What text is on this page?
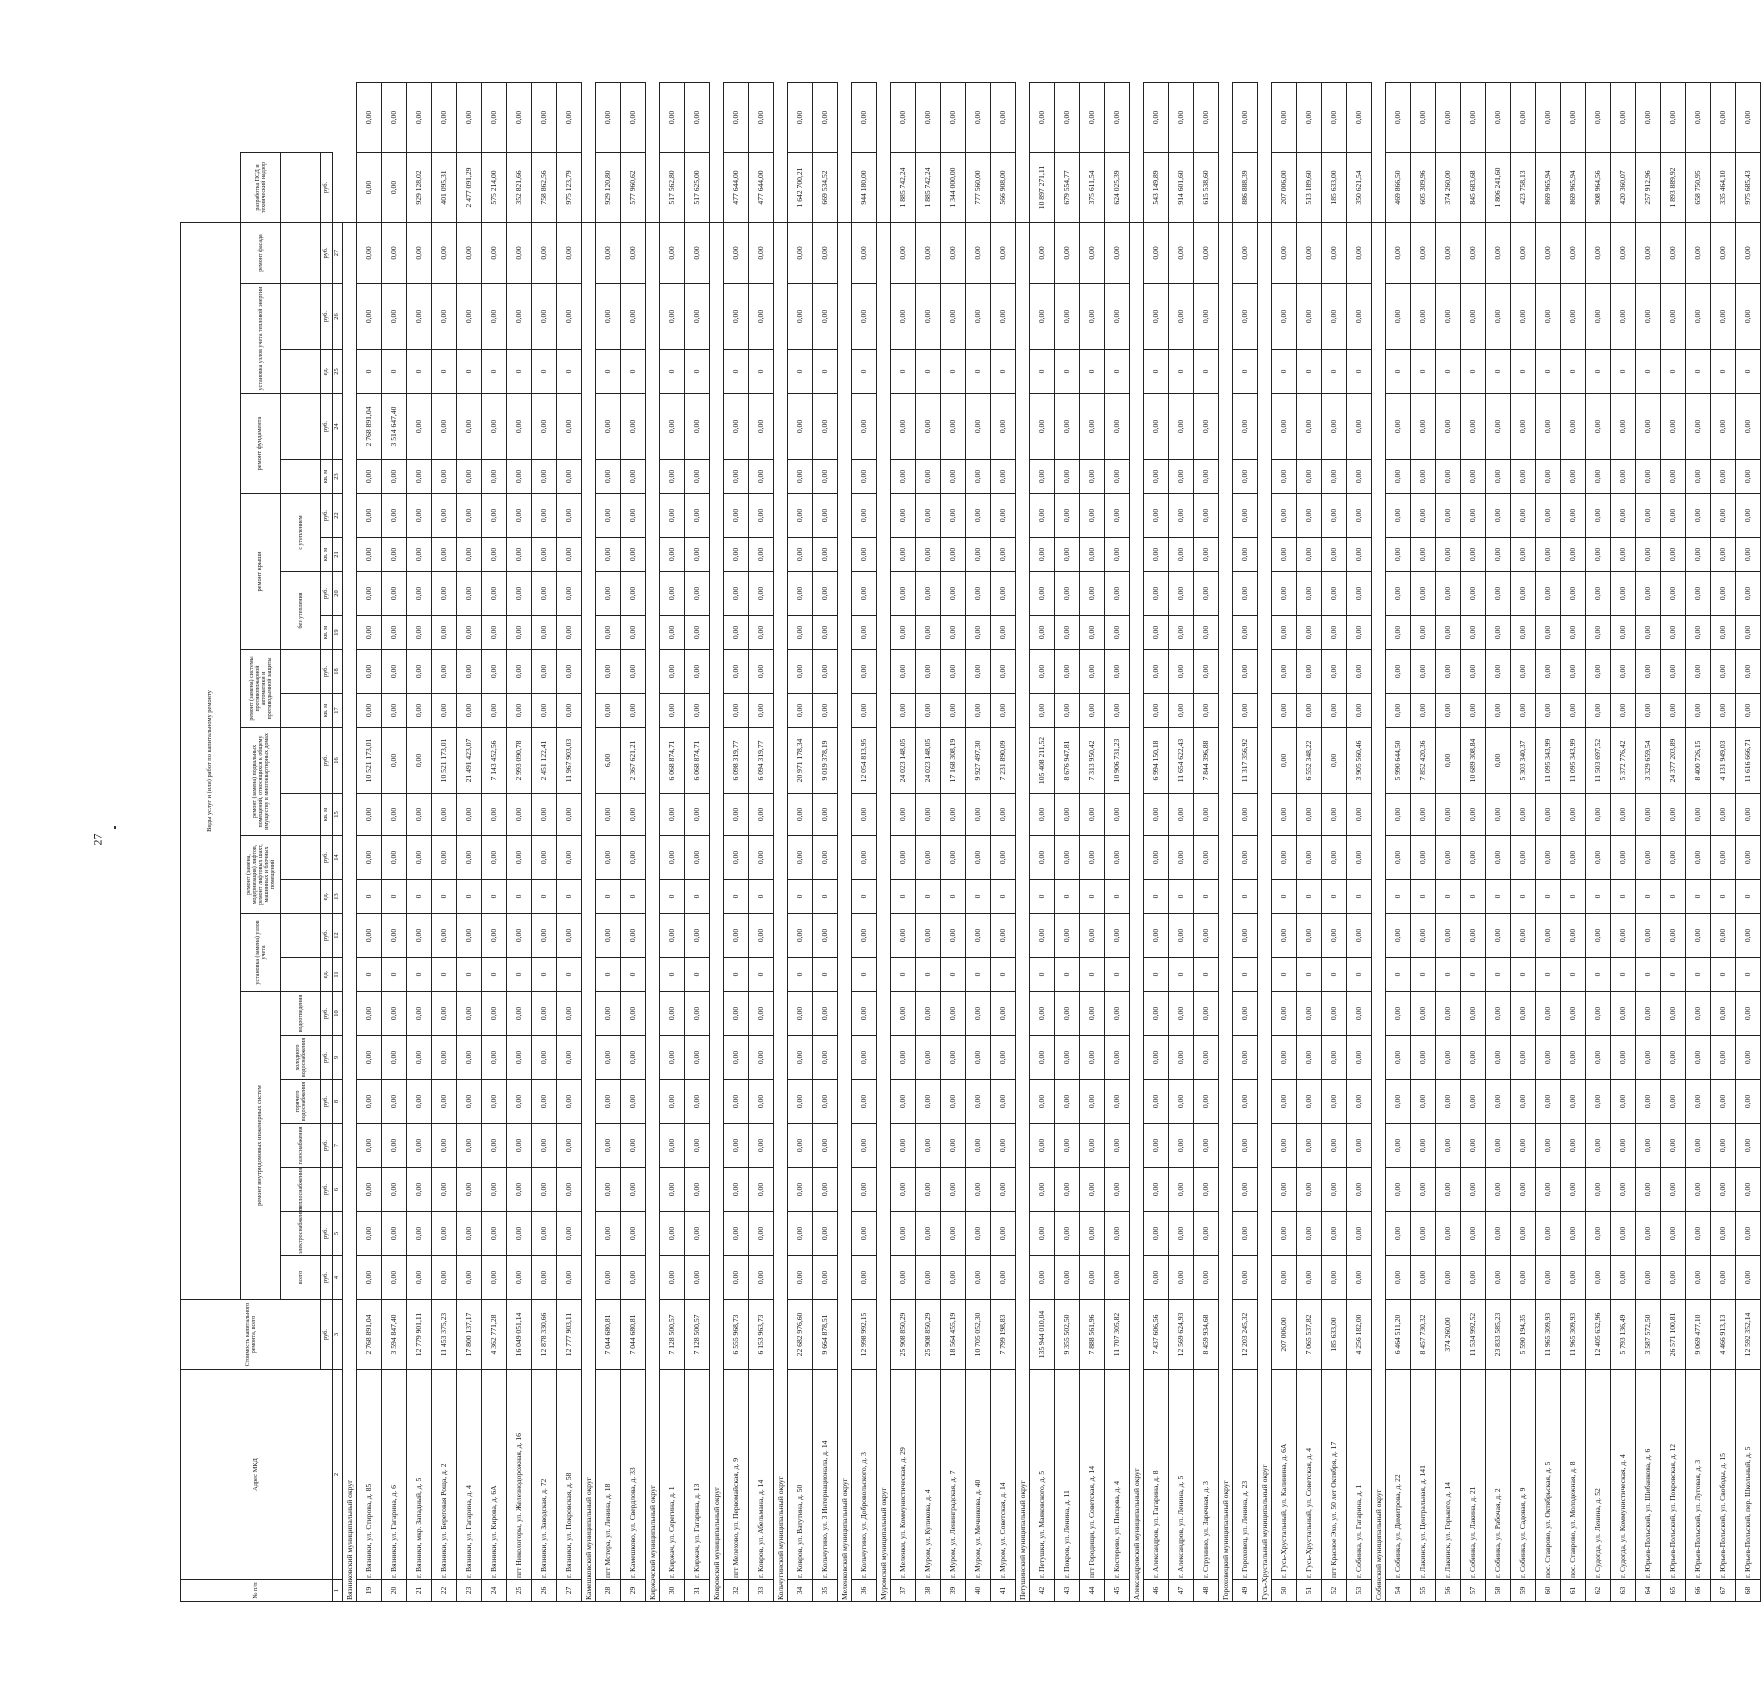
27
№ п/п	Адрес МКД	Стоимость капитального ремонта, всего	Виды услуг и (или) работ по капитальному ремонту																									
			ремонт внутридомовых инженерных систем							установка (замена) узлов учета		ремонт (замена, модернизация) лифтов, ремонт лифтовых шахт, машинных и блочных помещений		ремонт (замена) подвальных помещений, относящихся к общему имуществу в многоквартирных домах		ремонт (замена) системы противопожарной автоматики и противодымной защиты		ремонт крыши				ремонт фундамента		установка узлов учета тепловой энергии		ремонт фасада	разработка ПСД и технический надзор	
			всего	электроснабжения	теплоснабжения	газоснабжения	горячего водоснабжения	холодного водоснабжения	водоотведения									без утепления		с утеплением								
		руб.	руб.	руб.	руб.	руб.	руб.	руб.	руб.	ед.	руб.	ед.	руб.	кв. м	руб.	кв. м	руб.	кв. м	руб.	кв. м	руб.	кв. м	руб.	ед.	руб.	руб.	руб.	
1	2	3	4	5	6	7	8	9	10	11	12	13	14	15	16	17	18	19	20	21	22	23	24	25	26	27		
Вязниковский муниципальный округ																												
19	г. Вязники, ул. Стирова, д. 85	2 768 891,04	0,00	0,00	0,00	0,00	0,00	0,00	0,00	0	0,00	0	0,00	0,00	10 521 173,01	0,00	0,00	0,00	0,00	0,00	0,00	0,00	2 768 891,04	0	0,00	0,00	0,00	0,00
20	г. Вязники, ул. Гагарина, д. 6	3 594 847,40	0,00	0,00	0,00	0,00	0,00	0,00	0,00	0	0,00	0	0,00	0,00	0,00	0,00	0,00	0,00	0,00	0,00	0,00	0,00	3 514 647,40	0	0,00	0,00	0,00	0,00
21	г. Вязники, мкр. Западный, д. 5	12 779 901,11	0,00	0,00	0,00	0,00	0,00	0,00	0,00	0	0,00	0	0,00	0,00	0,00	0,00	0,00	0,00	0,00	0,00	0,00	0,00	0,00	0	0,00	0,00	929 128,02	0,00
22	г. Вязники, ул. Береговая Роща, д. 2	11 453 375,23	0,00	0,00	0,00	0,00	0,00	0,00	0,00	0	0,00	0	0,00	0,00	10 521 173,01	0,00	0,00	0,00	0,00	0,00	0,00	0,00	0,00	0	0,00	0,00	401 095,31	0,00
23	г. Вязники, ул. Гагарина, д. 4	17 800 137,17	0,00	0,00	0,00	0,00	0,00	0,00	0,00	0	0,00	0	0,00	0,00	21 491 423,07	0,00	0,00	0,00	0,00	0,00	0,00	0,00	0,00	0	0,00	0,00	2 477 091,29	0,00
24	г. Вязники, ул. Кирова, д. 6А	4 362 771,28	0,00	0,00	0,00	0,00	0,00	0,00	0,00	0	0,00	0	0,00	0,00	7 143 452,56	0,00	0,00	0,00	0,00	0,00	0,00	0,00	0,00	0	0,00	0,00	575 214,00	0,00
25	пгт Никологоры, ул. Железнодорожная, д. 16	16 049 051,14	0,00	0,00	0,00	0,00	0,00	0,00	0,00	0	0,00	0	0,00	0,00	2 993 090,78	0,00	0,00	0,00	0,00	0,00	0,00	0,00	0,00	0	0,00	0,00	352 821,66	0,00
26	г. Вязники, ул. Заводская, д. 72	12 878 330,66	0,00	0,00	0,00	0,00	0,00	0,00	0,00	0	0,00	0	0,00	0,00	2 451 122,41	0,00	0,00	0,00	0,00	0,00	0,00	0,00	0,00	0	0,00	0,00	758 862,56	0,00
27	г. Вязники, ул. Покровская, д. 58	12 777 903,11	0,00	0,00	0,00	0,00	0,00	0,00	0,00	0	0,00	0	0,00	0,00	11 967 903,03	0,00	0,00	0,00	0,00	0,00	0,00	0,00	0,00	0	0,00	0,00	975 123,79	0,00
Камешковский муниципальный округ																												
28	пгт Мстера, ул. Ленина, д. 18	7 044 680,81	0,00	0,00	0,00	0,00	0,00	0,00	0,00	0	0,00	0	0,00	0,00	6,00	0,00	0,00	0,00	0,00	0,00	0,00	0,00	0,00	0	0,00	0,00	929 120,80	0,00
29	г. Камешково, ул. Свердлова, д. 33	7 044 680,81	0,00	0,00	0,00	0,00	0,00	0,00	0,00	0	0,00	0	0,00	0,00	2 367 621,21	0,00	0,00	0,00	0,00	0,00	0,00	0,00	0,00	0	0,00	0,00	577 960,62	0,00
Киржачский муниципальный округ																												
30	г. Киржач, ул. Серегина, д. 1	7 128 500,57	0,00	0,00	0,00	0,00	0,00	0,00	0,00	0	0,00	0	0,00	0,00	6 068 874,71	0,00	0,00	0,00	0,00	0,00	0,00	0,00	0,00	0	0,00	0,00	517 562,80	0,00
31	г. Киржач, ул. Гагарина, д. 13	7 128 500,57	0,00	0,00	0,00	0,00	0,00	0,00	0,00	0	0,00	0	0,00	0,00	6 068 874,71	0,00	0,00	0,00	0,00	0,00	0,00	0,00	0,00	0	0,00	0,00	517 625,00	0,00
Ковровский муниципальный округ																												
32	пгт Мелехово, ул. Первомайская, д. 9	6 555 968,73	0,00	0,00	0,00	0,00	0,00	0,00	0,00	0	0,00	0	0,00	0,00	6 098 319,77	0,00	0,00	0,00	0,00	0,00	0,00	0,00	0,00	0	0,00	0,00	477 644,00	0,00
33	г. Ковров, ул. Абельмана, д. 14	6 153 963,73	0,00	0,00	0,00	0,00	0,00	0,00	0,00	0	0,00	0	0,00	0,00	6 094 319,77	0,00	0,00	0,00	0,00	0,00	0,00	0,00	0,00	0	0,00	0,00	477 644,00	0,00
Кольчугинский муниципальный округ																												
34	г. Ковров, ул. Ватутина, д. 50	22 682 976,60	0,00	0,00	0,00	0,00	0,00	0,00	0,00	0	0,00	0	0,00	0,00	20 971 178,34	0,00	0,00	0,00	0,00	0,00	0,00	0,00	0,00	0	0,00	0,00	1 642 700,21	0,00
35	г. Кольчугино, ул. 3 Интернационала, д. 14	9 664 878,51	0,00	0,00	0,00	0,00	0,00	0,00	0,00	0	0,00	0	0,00	0,00	9 019 378,19	0,00	0,00	0,00	0,00	0,00	0,00	0,00	0,00	0	0,00	0,00	669 534,52	0,00
Меленковский муниципальный округ																												
36	г. Кольчугино, ул. Добровольского, д. 3	12 998 992,15	0,00	0,00	0,00	0,00	0,00	0,00	0,00	0	0,00	0	0,00	0,00	12 054 813,95	0,00	0,00	0,00	0,00	0,00	0,00	0,00	0,00	0	0,00	0,00	944 180,00	0,00
Муромский муниципальный округ																												
37	г. Меленки, ул. Коммунистическая, д. 29	25 908 850,29	0,00	0,00	0,00	0,00	0,00	0,00	0,00	0	0,00	0	0,00	0,00	24 023 148,05	0,00	0,00	0,00	0,00	0,00	0,00	0,00	0,00	0	0,00	0,00	1 885 742,24	0,00
38	г. Муром, ул. Куликова, д. 4	25 908 850,29	0,00	0,00	0,00	0,00	0,00	0,00	0,00	0	0,00	0	0,00	0,00	24 023 148,05	0,00	0,00	0,00	0,00	0,00	0,00	0,00	0,00	0	0,00	0,00	1 885 742,24	0,00
39	г. Муром, ул. Ленинградская, д. 7	18 564 455,19	0,00	0,00	0,00	0,00	0,00	0,00	0,00	0	0,00	0	0,00	0,00	17 168 308,19	0,00	0,00	0,00	0,00	0,00	0,00	0,00	0,00	0	0,00	0,00	1 344 000,00	0,00
40	г. Муром, ул. Мечникова, д. 40	10 705 052,30	0,00	0,00	0,00	0,00	0,00	0,00	0,00	0	0,00	0	0,00	0,00	9 927 497,30	0,00	0,00	0,00	0,00	0,00	0,00	0,00	0,00	0	0,00	0,00	777 560,00	0,00
41	г. Муром, ул. Советская, д. 14	7 799 198,83	0,00	0,00	0,00	0,00	0,00	0,00	0,00	0	0,00	0	0,00	0,00	7 231 890,09	0,00	0,00	0,00	0,00	0,00	0,00	0,00	0,00	0	0,00	0,00	566 908,00	0,00
Петушинский муниципальный округ																												
42	г. Петушки, ул. Маяковского, д. 5	135 944 010,04	0,00	0,00	0,00	0,00	0,00	0,00	0,00	0	0,00	0	0,00	0,00	105 408 211,52	0,00	0,00	0,00	0,00	0,00	0,00	0,00	0,00	0	0,00	0,00	10 897 271,11	0,00
43	г. Покров, ул. Ленина, д. 11	9 355 502,50	0,00	0,00	0,00	0,00	0,00	0,00	0,00	0	0,00	0	0,00	0,00	8 676 947,81	0,00	0,00	0,00	0,00	0,00	0,00	0,00	0,00	0	0,00	0,00	679 554,77	0,00
44	пгт Городищи, ул. Советская, д. 14	7 888 561,96	0,00	0,00	0,00	0,00	0,00	0,00	0,00	0	0,00	0	0,00	0,00	7 313 950,42	0,00	0,00	0,00	0,00	0,00	0,00	0,00	0,00	0	0,00	0,00	375 611,54	0,00
45	г. Костерево, ул. Писцова, д. 4	11 707 305,82	0,00	0,00	0,00	0,00	0,00	0,00	0,00	0	0,00	0	0,00	0,00	10 906 731,23	0,00	0,00	0,00	0,00	0,00	0,00	0,00	0,00	0	0,00	0,00	624 025,39	0,00
Александровский муниципальный округ																												
46	г. Александров, ул. Гагарина, д. 8	7 437 606,56	0,00	0,00	0,00	0,00	0,00	0,00	0,00	0	0,00	0	0,00	0,00	6 994 150,18	0,00	0,00	0,00	0,00	0,00	0,00	0,00	0,00	0	0,00	0,00	543 149,89	0,00
47	г. Александров, ул. Ленина, д. 5	12 569 624,93	0,00	0,00	0,00	0,00	0,00	0,00	0,00	0	0,00	0	0,00	0,00	11 654 622,43	0,00	0,00	0,00	0,00	0,00	0,00	0,00	0,00	0	0,00	0,00	914 601,60	0,00
48	г. Струнино, ул. Заречная, д. 3	8 459 934,68	0,00	0,00	0,00	0,00	0,00	0,00	0,00	0	0,00	0	0,00	0,00	7 844 396,88	0,00	0,00	0,00	0,00	0,00	0,00	0,00	0,00	0	0,00	0,00	615 538,60	0,00
Гороховецкий муниципальный округ																												
49	г. Гороховец, ул. Ленина, д. 23	12 203 245,32	0,00	0,00	0,00	0,00	0,00	0,00	0,00	0	0,00	0	0,00	0,00	11 317 356,92	0,00	0,00	0,00	0,00	0,00	0,00	0,00	0,00	0	0,00	0,00	886 888,39	0,00
Гусь-Хрустальный муниципальный округ																												
50	г. Гусь-Хрустальный, ул. Калинина, д. 6А	207 006,00	0,00	0,00	0,00	0,00	0,00	0,00	0,00	0	0,00	0	0,00	0,00	0,00	0,00	0,00	0,00	0,00	0,00	0,00	0,00	0,00	0	0,00	0,00	207 006,00	0,00
51	г. Гусь-Хрустальный, ул. Советская, д. 4	7 065 537,82	0,00	0,00	0,00	0,00	0,00	0,00	0,00	0	0,00	0	0,00	0,00	6 552 348,22	0,00	0,00	0,00	0,00	0,00	0,00	0,00	0,00	0	0,00	0,00	513 189,60	0,00
52	пгт Красное Эхо, ул. 50 лет Октября, д. 17	185 633,00	0,00	0,00	0,00	0,00	0,00	0,00	0,00	0	0,00	0	0,00	0,00	0,00	0,00	0,00	0,00	0,00	0,00	0,00	0,00	0,00	0	0,00	0,00	185 633,00	0,00
53	г. Собинка, ул. Гагарина, д. 1	4 256 182,00	0,00	0,00	0,00	0,00	0,00	0,00	0,00	0	0,00	0	0,00	0,00	3 905 560,46	0,00	0,00	0,00	0,00	0,00	0,00	0,00	0,00	0	0,00	0,00	350 621,54	0,00
Собинский муниципальный округ																												
54	г. Собинка, ул. Димитрова, д. 22	6 464 511,20	0,00	0,00	0,00	0,00	0,00	0,00	0,00	0	0,00	0	0,00	0,00	5 990 644,50	0,00	0,00	0,00	0,00	0,00	0,00	0,00	0,00	0	0,00	0,00	469 866,50	0,00
55	г. Лакинск, ул. Центральная, д. 141	8 457 730,32	0,00	0,00	0,00	0,00	0,00	0,00	0,00	0	0,00	0	0,00	0,00	7 852 420,36	0,00	0,00	0,00	0,00	0,00	0,00	0,00	0,00	0	0,00	0,00	605 309,96	0,00
56	г. Лакинск, ул. Горького, д. 14	374 260,00	0,00	0,00	0,00	0,00	0,00	0,00	0,00	0	0,00	0	0,00	0,00	0,00	0,00	0,00	0,00	0,00	0,00	0,00	0,00	0,00	0	0,00	0,00	374 260,00	0,00
57	г. Собинка, ул. Лакина, д. 21	11 534 992,52	0,00	0,00	0,00	0,00	0,00	0,00	0,00	0	0,00	0	0,00	0,00	10 689 308,84	0,00	0,00	0,00	0,00	0,00	0,00	0,00	0,00	0	0,00	0,00	845 683,68	0,00
58	г. Собинка, ул. Рабочая, д. 2	23 833 585,23	0,00	0,00	0,00	0,00	0,00	0,00	0,00	0	0,00	0	0,00	0,00	0,00	0,00	0,00	0,00	0,00	0,00	0,00	0,00	0,00	0	0,00	0,00	1 806 241,60	0,00
59	г. Собинка, ул. Садовая, д. 9	5 590 194,35	0,00	0,00	0,00	0,00	0,00	0,00	0,00	0	0,00	0	0,00	0,00	5 303 340,37	0,00	0,00	0,00	0,00	0,00	0,00	0,00	0,00	0	0,00	0,00	423 758,13	0,00
60	пос. Ставрово, ул. Октябрьская, д. 5	11 965 309,93	0,00	0,00	0,00	0,00	0,00	0,00	0,00	0	0,00	0	0,00	0,00	11 095 343,99	0,00	0,00	0,00	0,00	0,00	0,00	0,00	0,00	0	0,00	0,00	869 965,94	0,00
61	пос. Ставрово, ул. Молодежная, д. 8	11 965 309,93	0,00	0,00	0,00	0,00	0,00	0,00	0,00	0	0,00	0	0,00	0,00	11 095 343,99	0,00	0,00	0,00	0,00	0,00	0,00	0,00	0,00	0	0,00	0,00	869 965,94	0,00
62	г. Судогда, ул. Ленина, д. 52	12 405 632,96	0,00	0,00	0,00	0,00	0,00	0,00	0,00	0	0,00	0	0,00	0,00	11 503 697,52	0,00	0,00	0,00	0,00	0,00	0,00	0,00	0,00	0	0,00	0,00	908 964,56	0,00
63	г. Судогда, ул. Коммунистическая, д. 4	5 793 136,49	0,00	0,00	0,00	0,00	0,00	0,00	0,00	0	0,00	0	0,00	0,00	5 372 776,42	0,00	0,00	0,00	0,00	0,00	0,00	0,00	0,00	0	0,00	0,00	420 360,07	0,00
64	г. Юрьев-Польский, ул. Шибанкова, д. 6	3 587 572,50	0,00	0,00	0,00	0,00	0,00	0,00	0,00	0	0,00	0	0,00	0,00	3 329 659,54	0,00	0,00	0,00	0,00	0,00	0,00	0,00	0,00	0	0,00	0,00	257 912,96	0,00
65	г. Юрьев-Польский, ул. Покровская, д. 12	26 571 100,81	0,00	0,00	0,00	0,00	0,00	0,00	0,00	0	0,00	0	0,00	0,00	24 377 203,89	0,00	0,00	0,00	0,00	0,00	0,00	0,00	0,00	0	0,00	0,00	1 893 889,92	0,00
66	г. Юрьев-Польский, ул. Луговая, д. 3	9 069 477,10	0,00	0,00	0,00	0,00	0,00	0,00	0,00	0	0,00	0	0,00	0,00	8 400 726,15	0,00	0,00	0,00	0,00	0,00	0,00	0,00	0,00	0	0,00	0,00	658 750,95	0,00
67	г. Юрьев-Польский, ул. Свободы, д. 15	4 466 913,13	0,00	0,00	0,00	0,00	0,00	0,00	0,00	0	0,00	0	0,00	0,00	4 131 949,03	0,00	0,00	0,00	0,00	0,00	0,00	0,00	0,00	0	0,00	0,00	335 464,10	0,00
68	г. Юрьев-Польский, пер. Школьный, д. 5	12 592 352,14	0,00	0,00	0,00	0,00	0,00	0,00	0,00	0	0,00	0	0,00	0,00	11 616 666,71	0,00	0,00	0,00	0,00	0,00	0,00	0,00	0,00	0	0,00	0,00	975 685,43	0,00
